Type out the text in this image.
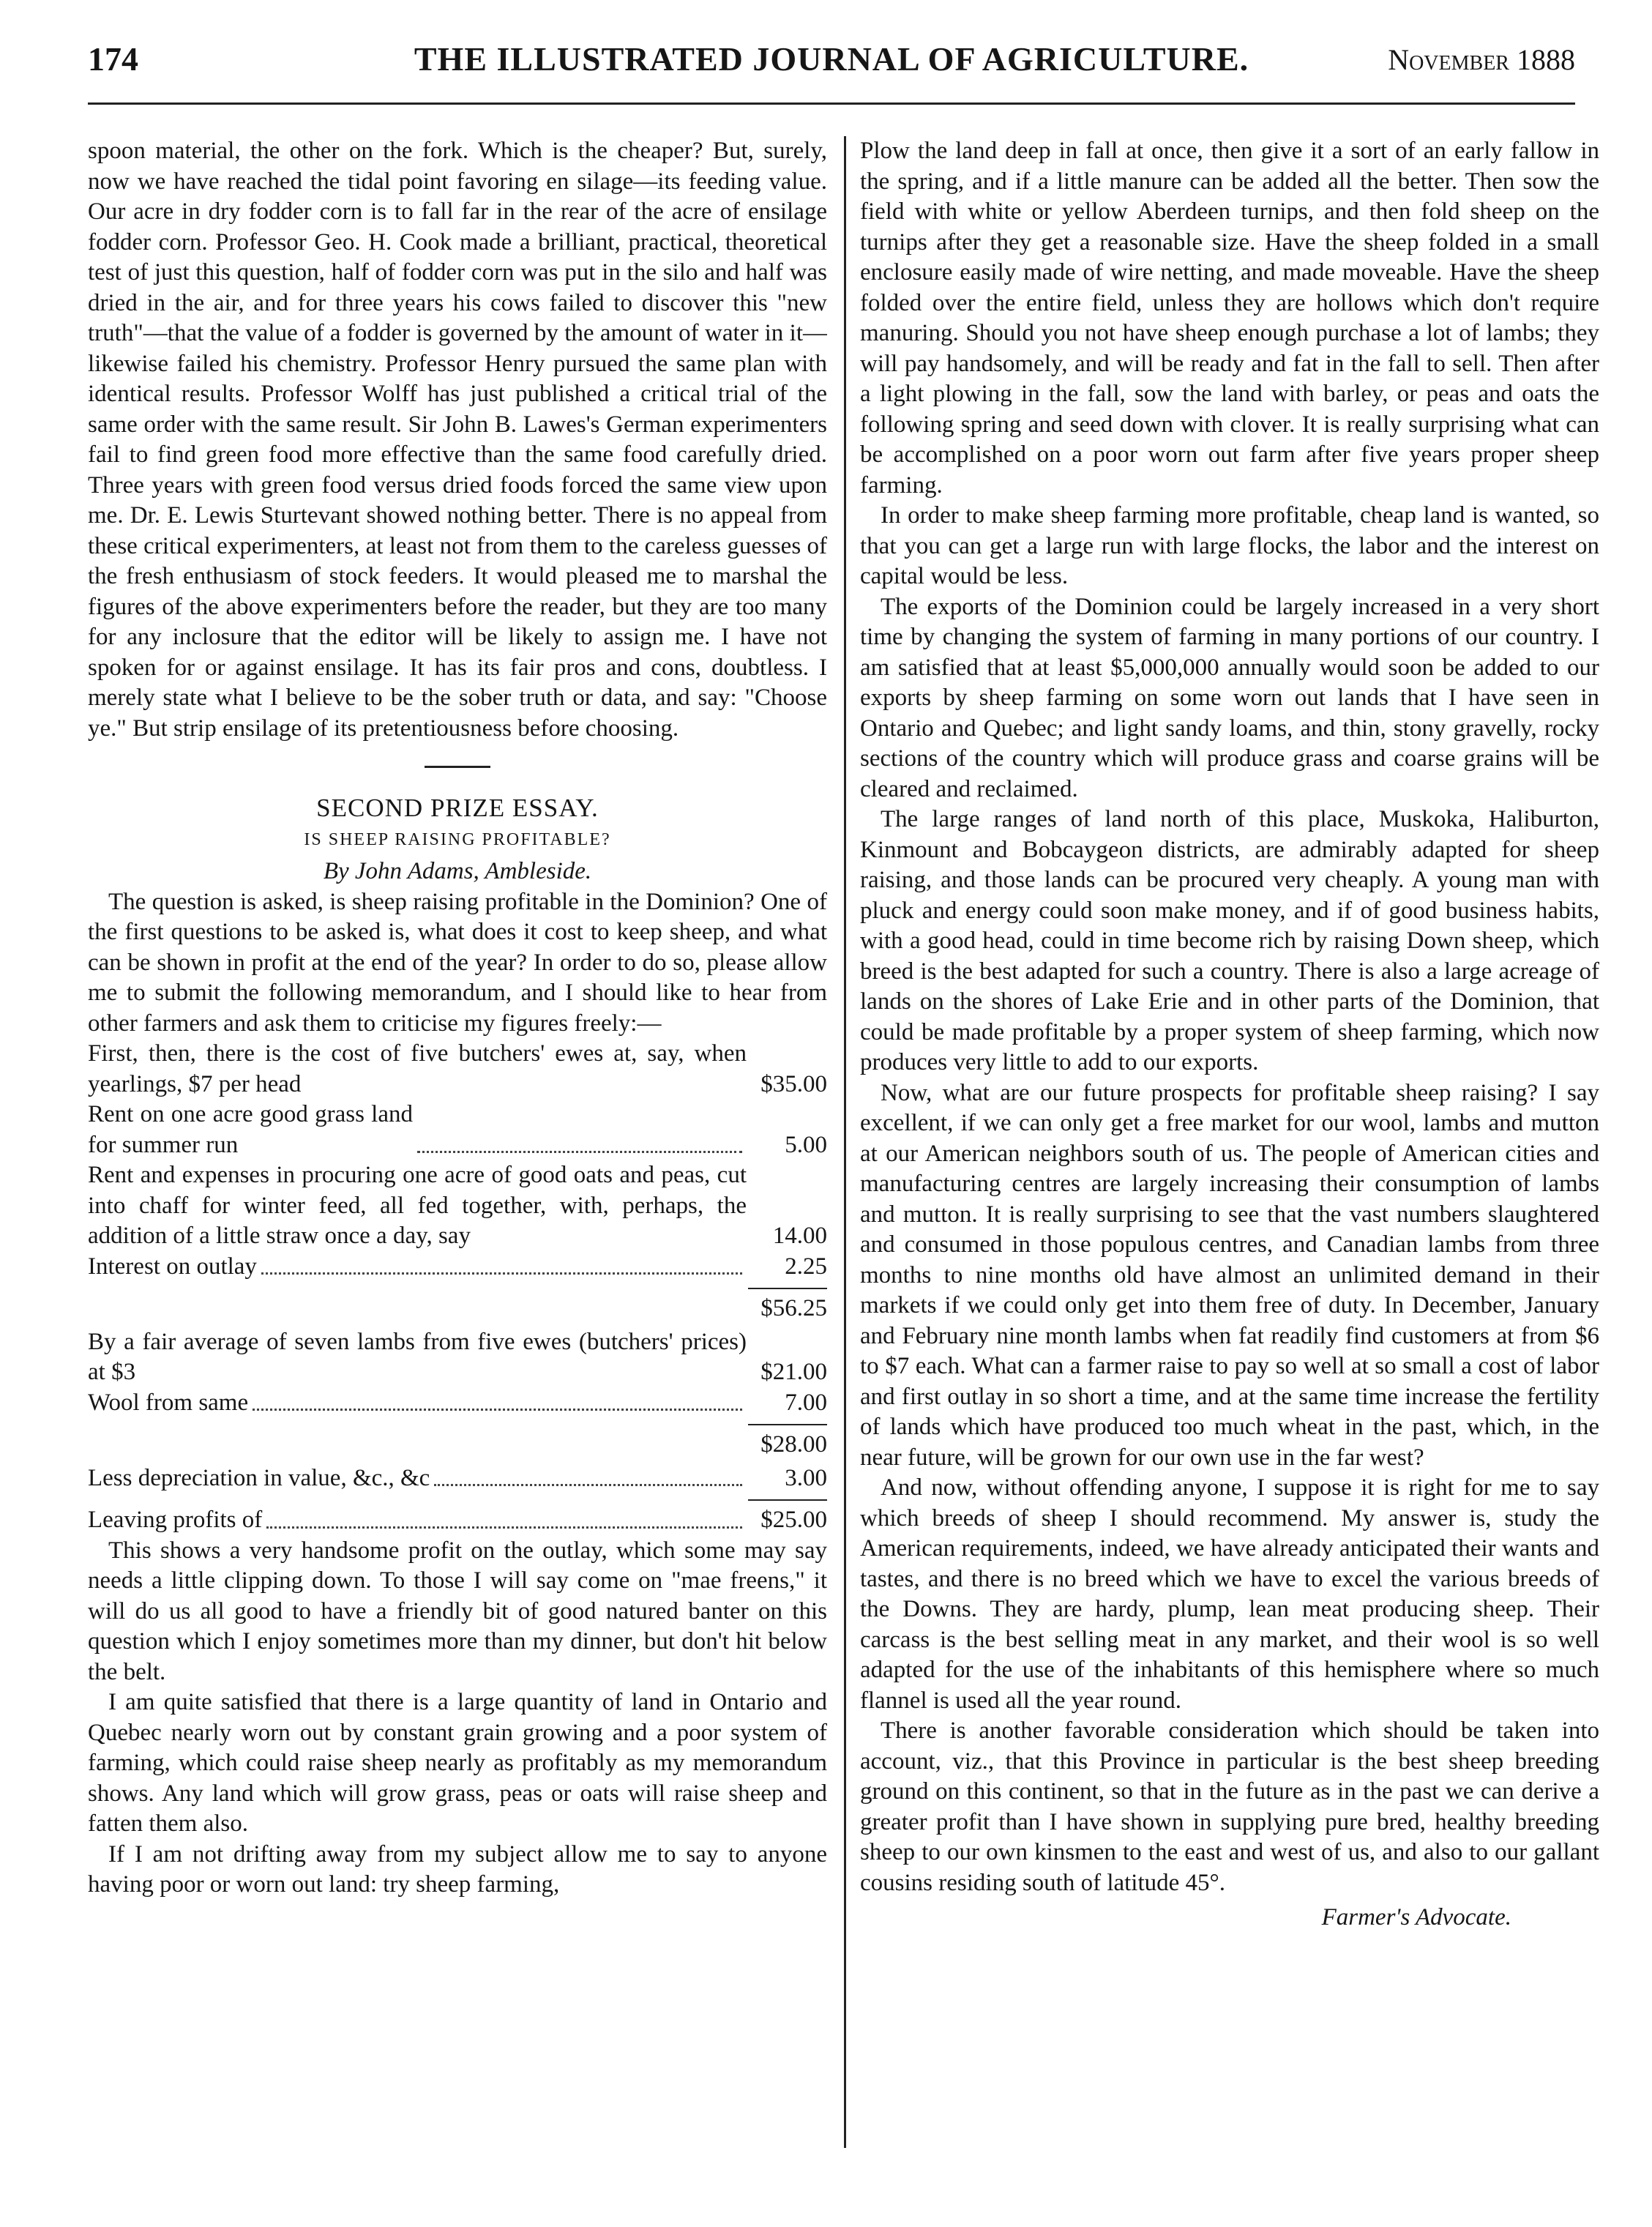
174	THE ILLUSTRATED JOURNAL OF AGRICULTURE.	November 1888

spoon material, the other on the fork. Which is the cheaper? But, surely, now we have reached the tidal point favoring en silage—its feeding value. Our acre in dry fodder corn is to fall far in the rear of the acre of ensilage fodder corn. Professor Geo. H. Cook made a brilliant, practical, theoretical test of just this question, half of fodder corn was put in the silo and half was dried in the air, and for three years his cows failed to discover this "new truth"—that the value of a fodder is governed by the amount of water in it—likewise failed his chemistry. Professor Henry pursued the same plan with identical results. Professor Wolff has just published a critical trial of the same order with the same result. Sir John B. Lawes's German experimenters fail to find green food more effective than the same food carefully dried. Three years with green food versus dried foods forced the same view upon me. Dr. E. Lewis Sturtevant showed nothing better. There is no appeal from these critical experimenters, at least not from them to the careless guesses of the fresh enthusiasm of stock feeders. It would pleased me to marshal the figures of the above experimenters before the reader, but they are too many for any inclosure that the editor will be likely to assign me. I have not spoken for or against ensilage. It has its fair pros and cons, doubtless. I merely state what I believe to be the sober truth or data, and say: "Choose ye." But strip ensilage of its pretentiousness before choosing.

SECOND PRIZE ESSAY.
IS SHEEP RAISING PROFITABLE?
By John Adams, Ambleside.

The question is asked, is sheep raising profitable in the Dominion? One of the first questions to be asked is, what does it cost to keep sheep, and what can be shown in profit at the end of the year? In order to do so, please allow me to submit the following memorandum, and I should like to hear from other farmers and ask them to criticise my figures freely:—

First, then, there is the cost of five butchers' ewes at, say, when yearlings, $7 per head	$35.00
Rent on one acre good grass land for summer run	5.00
Rent and expenses in procuring one acre of good oats and peas, cut into chaff for winter feed, all fed together, with, perhaps, the addition of a little straw once a day, say	14.00
Interest on outlay	2.25
$56.25
By a fair average of seven lambs from five ewes (butchers' prices) at $3	$21.00
Wool from same	7.00
$28.00
Less depreciation in value, &c., &c	3.00
Leaving profits of	$25.00

This shows a very handsome profit on the outlay, which some may say needs a little clipping down. To those I will say come on "mae freens," it will do us all good to have a friendly bit of good natured banter on this question which I enjoy sometimes more than my dinner, but don't hit below the belt.

I am quite satisfied that there is a large quantity of land in Ontario and Quebec nearly worn out by constant grain growing and a poor system of farming, which could raise sheep nearly as profitably as my memorandum shows. Any land which will grow grass, peas or oats will raise sheep and fatten them also.

If I am not drifting away from my subject allow me to say to anyone having poor or worn out land: try sheep farming,

Plow the land deep in fall at once, then give it a sort of an early fallow in the spring, and if a little manure can be added all the better. Then sow the field with white or yellow Aberdeen turnips, and then fold sheep on the turnips after they get a reasonable size. Have the sheep folded in a small enclosure easily made of wire netting, and made moveable. Have the sheep folded over the entire field, unless they are hollows which don't require manuring. Should you not have sheep enough purchase a lot of lambs; they will pay handsomely, and will be ready and fat in the fall to sell. Then after a light plowing in the fall, sow the land with barley, or peas and oats the following spring and seed down with clover. It is really surprising what can be accomplished on a poor worn out farm after five years proper sheep farming.

In order to make sheep farming more profitable, cheap land is wanted, so that you can get a large run with large flocks, the labor and the interest on capital would be less.

The exports of the Dominion could be largely increased in a very short time by changing the system of farming in many portions of our country. I am satisfied that at least $5,000,000 annually would soon be added to our exports by sheep farming on some worn out lands that I have seen in Ontario and Quebec; and light sandy loams, and thin, stony gravelly, rocky sections of the country which will produce grass and coarse grains will be cleared and reclaimed.

The large ranges of land north of this place, Muskoka, Haliburton, Kinmount and Bobcaygeon districts, are admirably adapted for sheep raising, and those lands can be procured very cheaply. A young man with pluck and energy could soon make money, and if of good business habits, with a good head, could in time become rich by raising Down sheep, which breed is the best adapted for such a country. There is also a large acreage of lands on the shores of Lake Erie and in other parts of the Dominion, that could be made profitable by a proper system of sheep farming, which now produces very little to add to our exports.

Now, what are our future prospects for profitable sheep raising? I say excellent, if we can only get a free market for our wool, lambs and mutton at our American neighbors south of us. The people of American cities and manufacturing centres are largely increasing their consumption of lambs and mutton. It is really surprising to see that the vast numbers slaughtered and consumed in those populous centres, and Canadian lambs from three months to nine months old have almost an unlimited demand in their markets if we could only get into them free of duty. In December, January and February nine month lambs when fat readily find customers at from $6 to $7 each. What can a farmer raise to pay so well at so small a cost of labor and first outlay in so short a time, and at the same time increase the fertility of lands which have produced too much wheat in the past, which, in the near future, will be grown for our own use in the far west?

And now, without offending anyone, I suppose it is right for me to say which breeds of sheep I should recommend. My answer is, study the American requirements, indeed, we have already anticipated their wants and tastes, and there is no breed which we have to excel the various breeds of the Downs. They are hardy, plump, lean meat producing sheep. Their carcass is the best selling meat in any market, and their wool is so well adapted for the use of the inhabitants of this hemisphere where so much flannel is used all the year round.

There is another favorable consideration which should be taken into account, viz., that this Province in particular is the best sheep breeding ground on this continent, so that in the future as in the past we can derive a greater profit than I have shown in supplying pure bred, healthy breeding sheep to our own kinsmen to the east and west of us, and also to our gallant cousins residing south of latitude 45°.

Farmer's Advocate.
